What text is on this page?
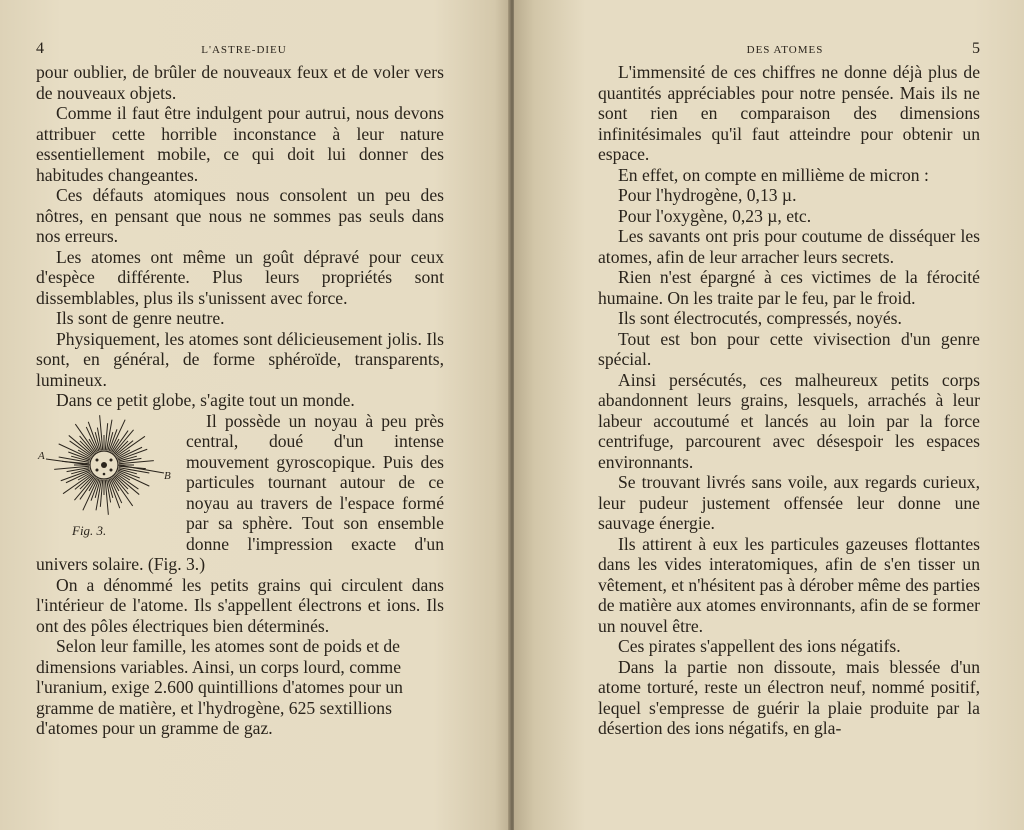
4	L'ASTRE-DIEU

pour oublier, de brûler de nouveaux feux et de voler vers de nouveaux objets.

Comme il faut être indulgent pour autrui, nous devons attribuer cette horrible inconstance à leur nature essentiellement mobile, ce qui doit lui donner des habitudes changeantes.

Ces défauts atomiques nous consolent un peu des nôtres, en pensant que nous ne sommes pas seuls dans nos erreurs.

Les atomes ont même un goût dépravé pour ceux d'espèce différente. Plus leurs propriétés sont dissemblables, plus ils s'unissent avec force.

Ils sont de genre neutre.

Physiquement, les atomes sont délicieusement jolis. Ils sont, en général, de forme sphéroïde, transparents, lumineux.

Dans ce petit globe, s'agite tout un monde.

A
B
Fig. 3.

Il possède un noyau à peu près central, doué d'un intense mouvement gyroscopique. Puis des particules tournant autour de ce noyau au travers de l'espace formé par sa sphère. Tout son ensemble donne l'impression exacte d'un univers solaire. (Fig. 3.)

On a dénommé les petits grains qui circulent dans l'intérieur de l'atome. Ils s'appellent électrons et ions. Ils ont des pôles électriques bien déterminés.

Selon leur famille, les atomes sont de poids et de dimensions variables. Ainsi, un corps lourd, comme l'uranium, exige 2.600 quintillions d'atomes pour un gramme de matière, et l'hydrogène, 625 sextillions d'atomes pour un gramme de gaz.

DES ATOMES	5

L'immensité de ces chiffres ne donne déjà plus de quantités appréciables pour notre pensée. Mais ils ne sont rien en comparaison des dimensions infinitésimales qu'il faut atteindre pour obtenir un espace.

En effet, on compte en millième de micron :

Pour l'hydrogène, 0,13 µ.

Pour l'oxygène, 0,23 µ, etc.

Les savants ont pris pour coutume de disséquer les atomes, afin de leur arracher leurs secrets.

Rien n'est épargné à ces victimes de la férocité humaine. On les traite par le feu, par le froid.

Ils sont électrocutés, compressés, noyés.

Tout est bon pour cette vivisection d'un genre spécial.

Ainsi persécutés, ces malheureux petits corps abandonnent leurs grains, lesquels, arrachés à leur labeur accoutumé et lancés au loin par la force centrifuge, parcourent avec désespoir les espaces environnants.

Se trouvant livrés sans voile, aux regards curieux, leur pudeur justement offensée leur donne une sauvage énergie.

Ils attirent à eux les particules gazeuses flottantes dans les vides interatomiques, afin de s'en tisser un vêtement, et n'hésitent pas à dérober même des parties de matière aux atomes environnants, afin de se former un nouvel être.

Ces pirates s'appellent des ions négatifs.

Dans la partie non dissoute, mais blessée d'un atome torturé, reste un électron neuf, nommé positif, lequel s'empresse de guérir la plaie produite par la désertion des ions négatifs, en gla-
